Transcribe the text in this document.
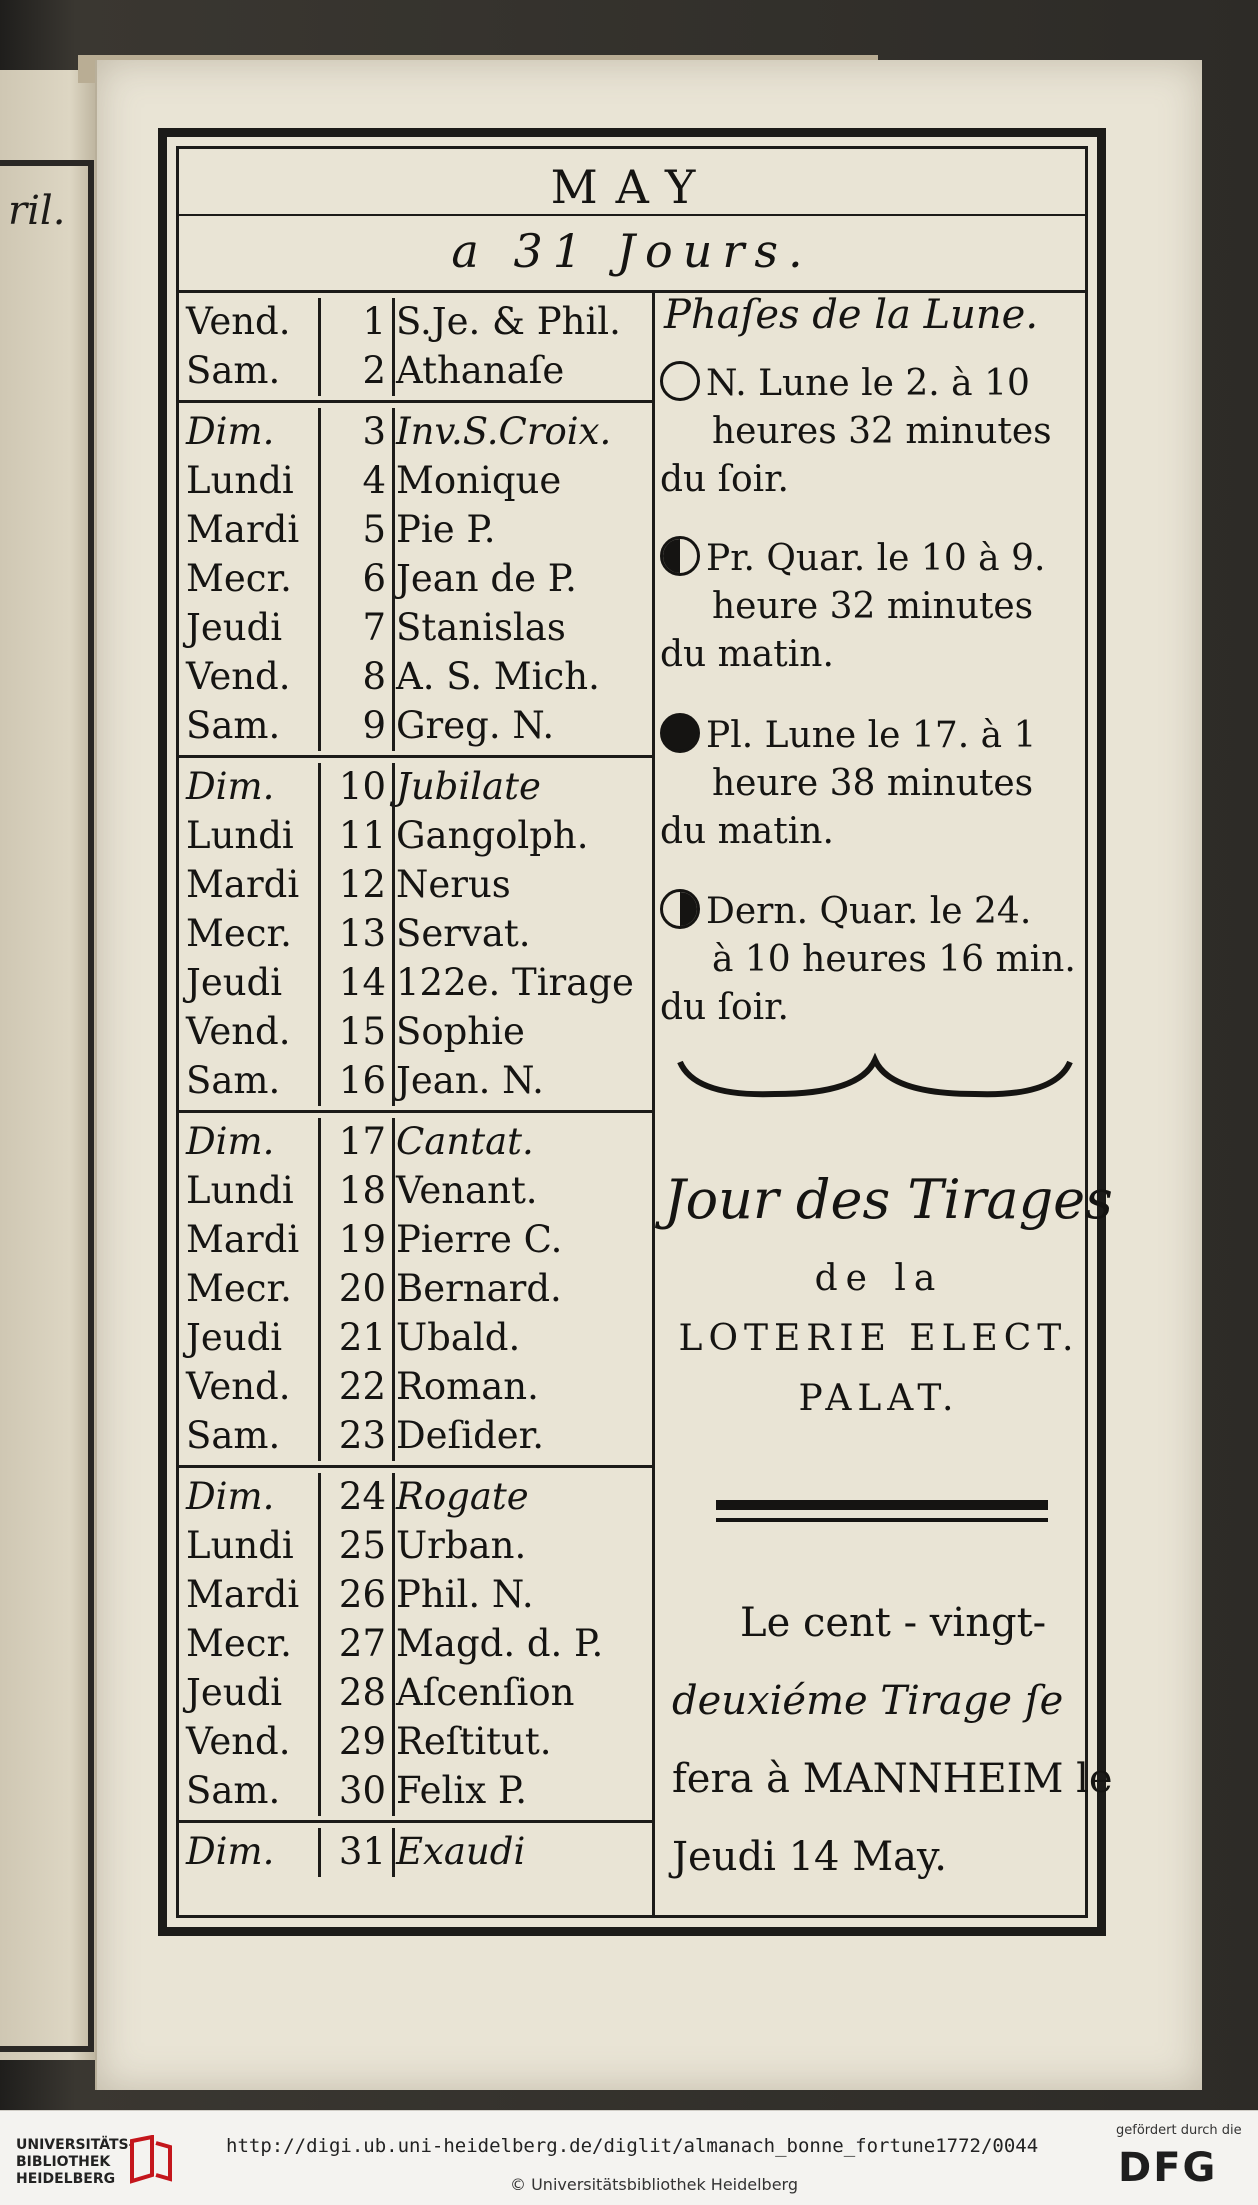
ril.	MAY
a 31 Jours.
Vend.	1 S.Je. & Phil.
Sam.	2 Athanaſe
Dim.	3 Inv.S.Croix.
Lundi	4 Monique
Mardi	5 Pie P.
Mecr.	6 Jean de P.
Jeudi	7 Stanislas
Vend.	8 A. S. Mich.
Sam.	9 Greg. N.
Dim.	10 Jubilate
Lundi	11 Gangolph.
Mardi	12 Nerus
Mecr.	13 Servat.
Jeudi	14 122e. Tirage
Vend.	15 Sophie
Sam.	16 Jean. N.
Dim.	17 Cantat.
Lundi	18 Venant.
Mardi	19 Pierre C.
Mecr.	20 Bernard.
Jeudi	21 Ubald.
Vend.	22 Roman.
Sam.	23 Deſider.
Dim.	24 Rogate
Lundi	25 Urban.
Mardi	26 Phil. N.
Mecr.	27 Magd. d. P.
Jeudi	28 Aſcenſion
Vend.	29 Reſtitut.
Sam.	30 Felix P.
Dim.	31 Exaudi
Phaſes de la Lune.
N. Lune le 2. à 10
heures 32 minutes
du ſoir.
Pr. Quar. le 10 à 9.
heure 32 minutes
du matin.
Pl. Lune le 17. à 1
heure 38 minutes
du matin.
Dern. Quar. le 24.
à 10 heures 16 min.
du ſoir.
Jour des Tirages
de la
LOTERIE ELECT.
PALAT.
Le cent - vingt-
deuxiéme Tirage ſe
fera à MANNHEIM le
Jeudi 14 May.
UNIVERSITÄTS-
BIBLIOTHEK
HEIDELBERG
http://digi.ub.uni-heidelberg.de/diglit/almanach_bonne_fortune1772/0044
© Universitätsbibliothek Heidelberg
gefördert durch die
DFG
